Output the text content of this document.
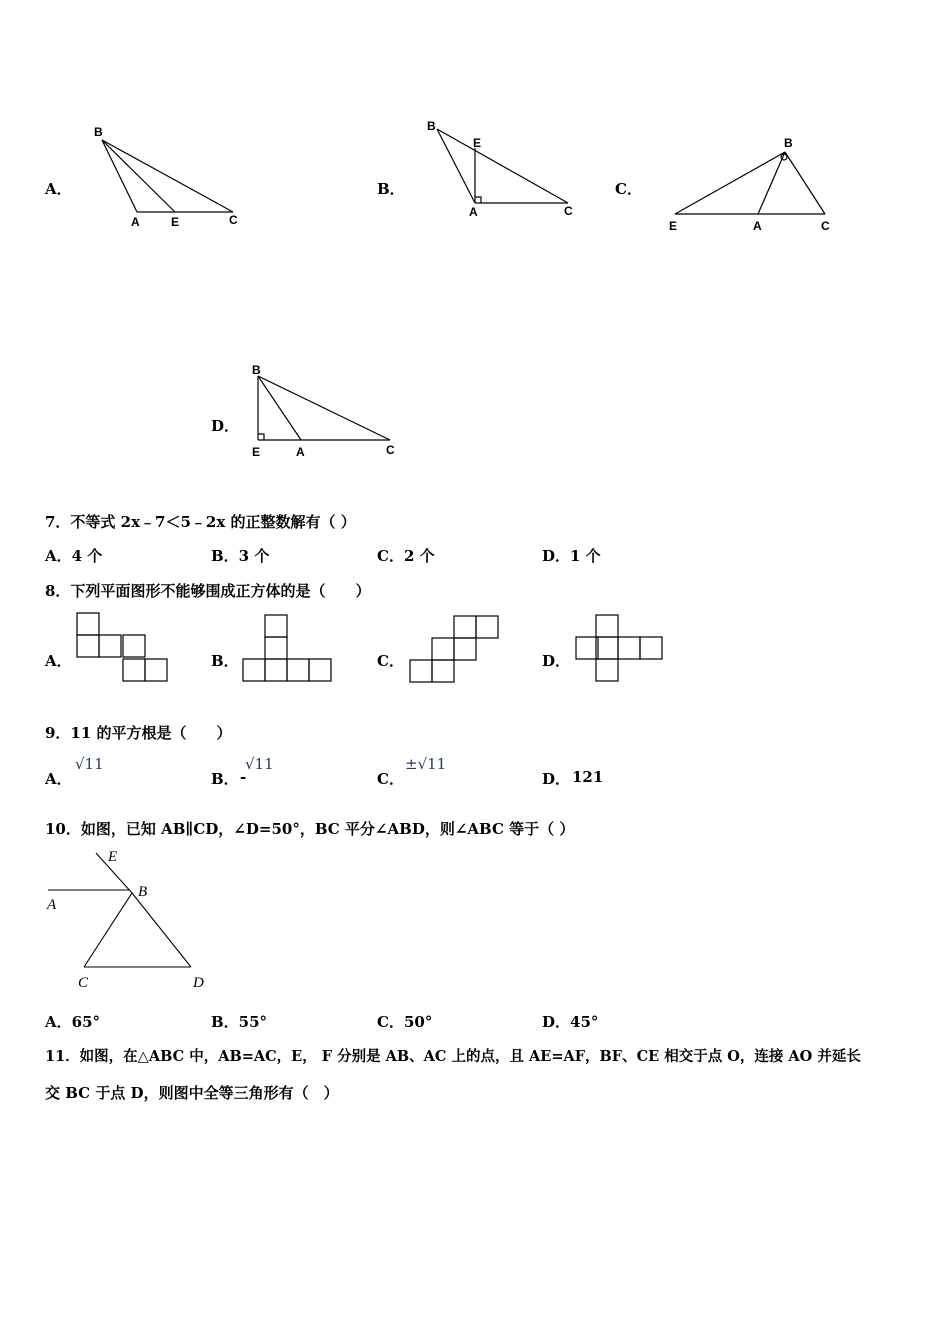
A．
B
A	E	C
B．
B
E
A	C
C．
B
E	A	C
D．
B
E	A	C
7．不等式 2x﹣7＜5﹣2x 的正整数解有（ ）
A．4 个	B．3 个	C．2 个	D．1 个
8．下列平面图形不能够围成正方体的是（　　）
A．	B．	C．	D．
9．11 的平方根是（　　）
A．
√11
B． -
√11
C．
±√11
D． 121
10．如图，已知 AB∥CD，∠D=50°，BC 平分∠ABD，则∠ABC 等于（ ）
E
A
B
C	D
A．65°	B．55°	C．50°	D．45°
11．如图，在△ABC 中，AB=AC，E， F 分别是 AB、AC 上的点，且 AE=AF，BF、CE 相交于点 O，连接 AO 并延长
交 BC 于点 D，则图中全等三角形有（　）
